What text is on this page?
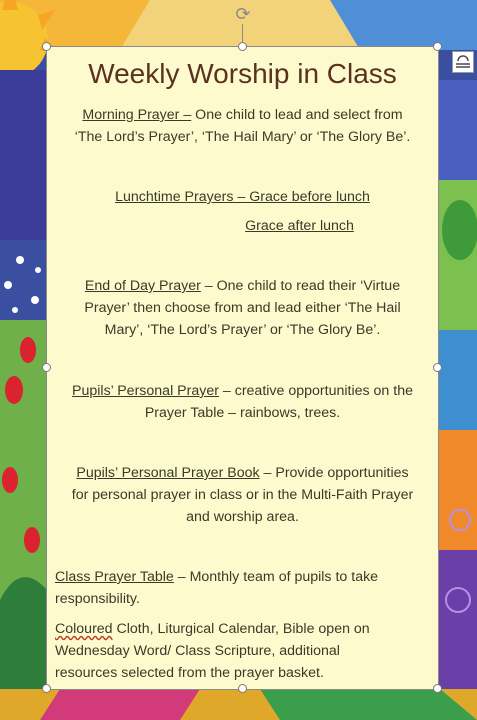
⟳
Weekly Worship in Class
Morning Prayer – One child to lead and select from
‘The Lord’s Prayer’, ‘The Hail Mary’ or ‘The Glory Be’.
Lunchtime Prayers – Grace before lunch
Grace after lunch
End of Day Prayer – One child to read their ‘Virtue
Prayer’ then choose from and lead either ‘The Hail
Mary’, ‘The Lord’s Prayer’ or ‘The Glory Be’.
Pupils’ Personal Prayer – creative opportunities on the
Prayer Table – rainbows, trees.
Pupils’ Personal Prayer Book – Provide opportunities
for personal prayer in class or in the Multi-Faith Prayer
and worship area.
Class Prayer Table – Monthly team of pupils to take
responsibility.
Coloured Cloth, Liturgical Calendar, Bible open on
Wednesday Word/ Class Scripture, additional
resources selected from the prayer basket.
